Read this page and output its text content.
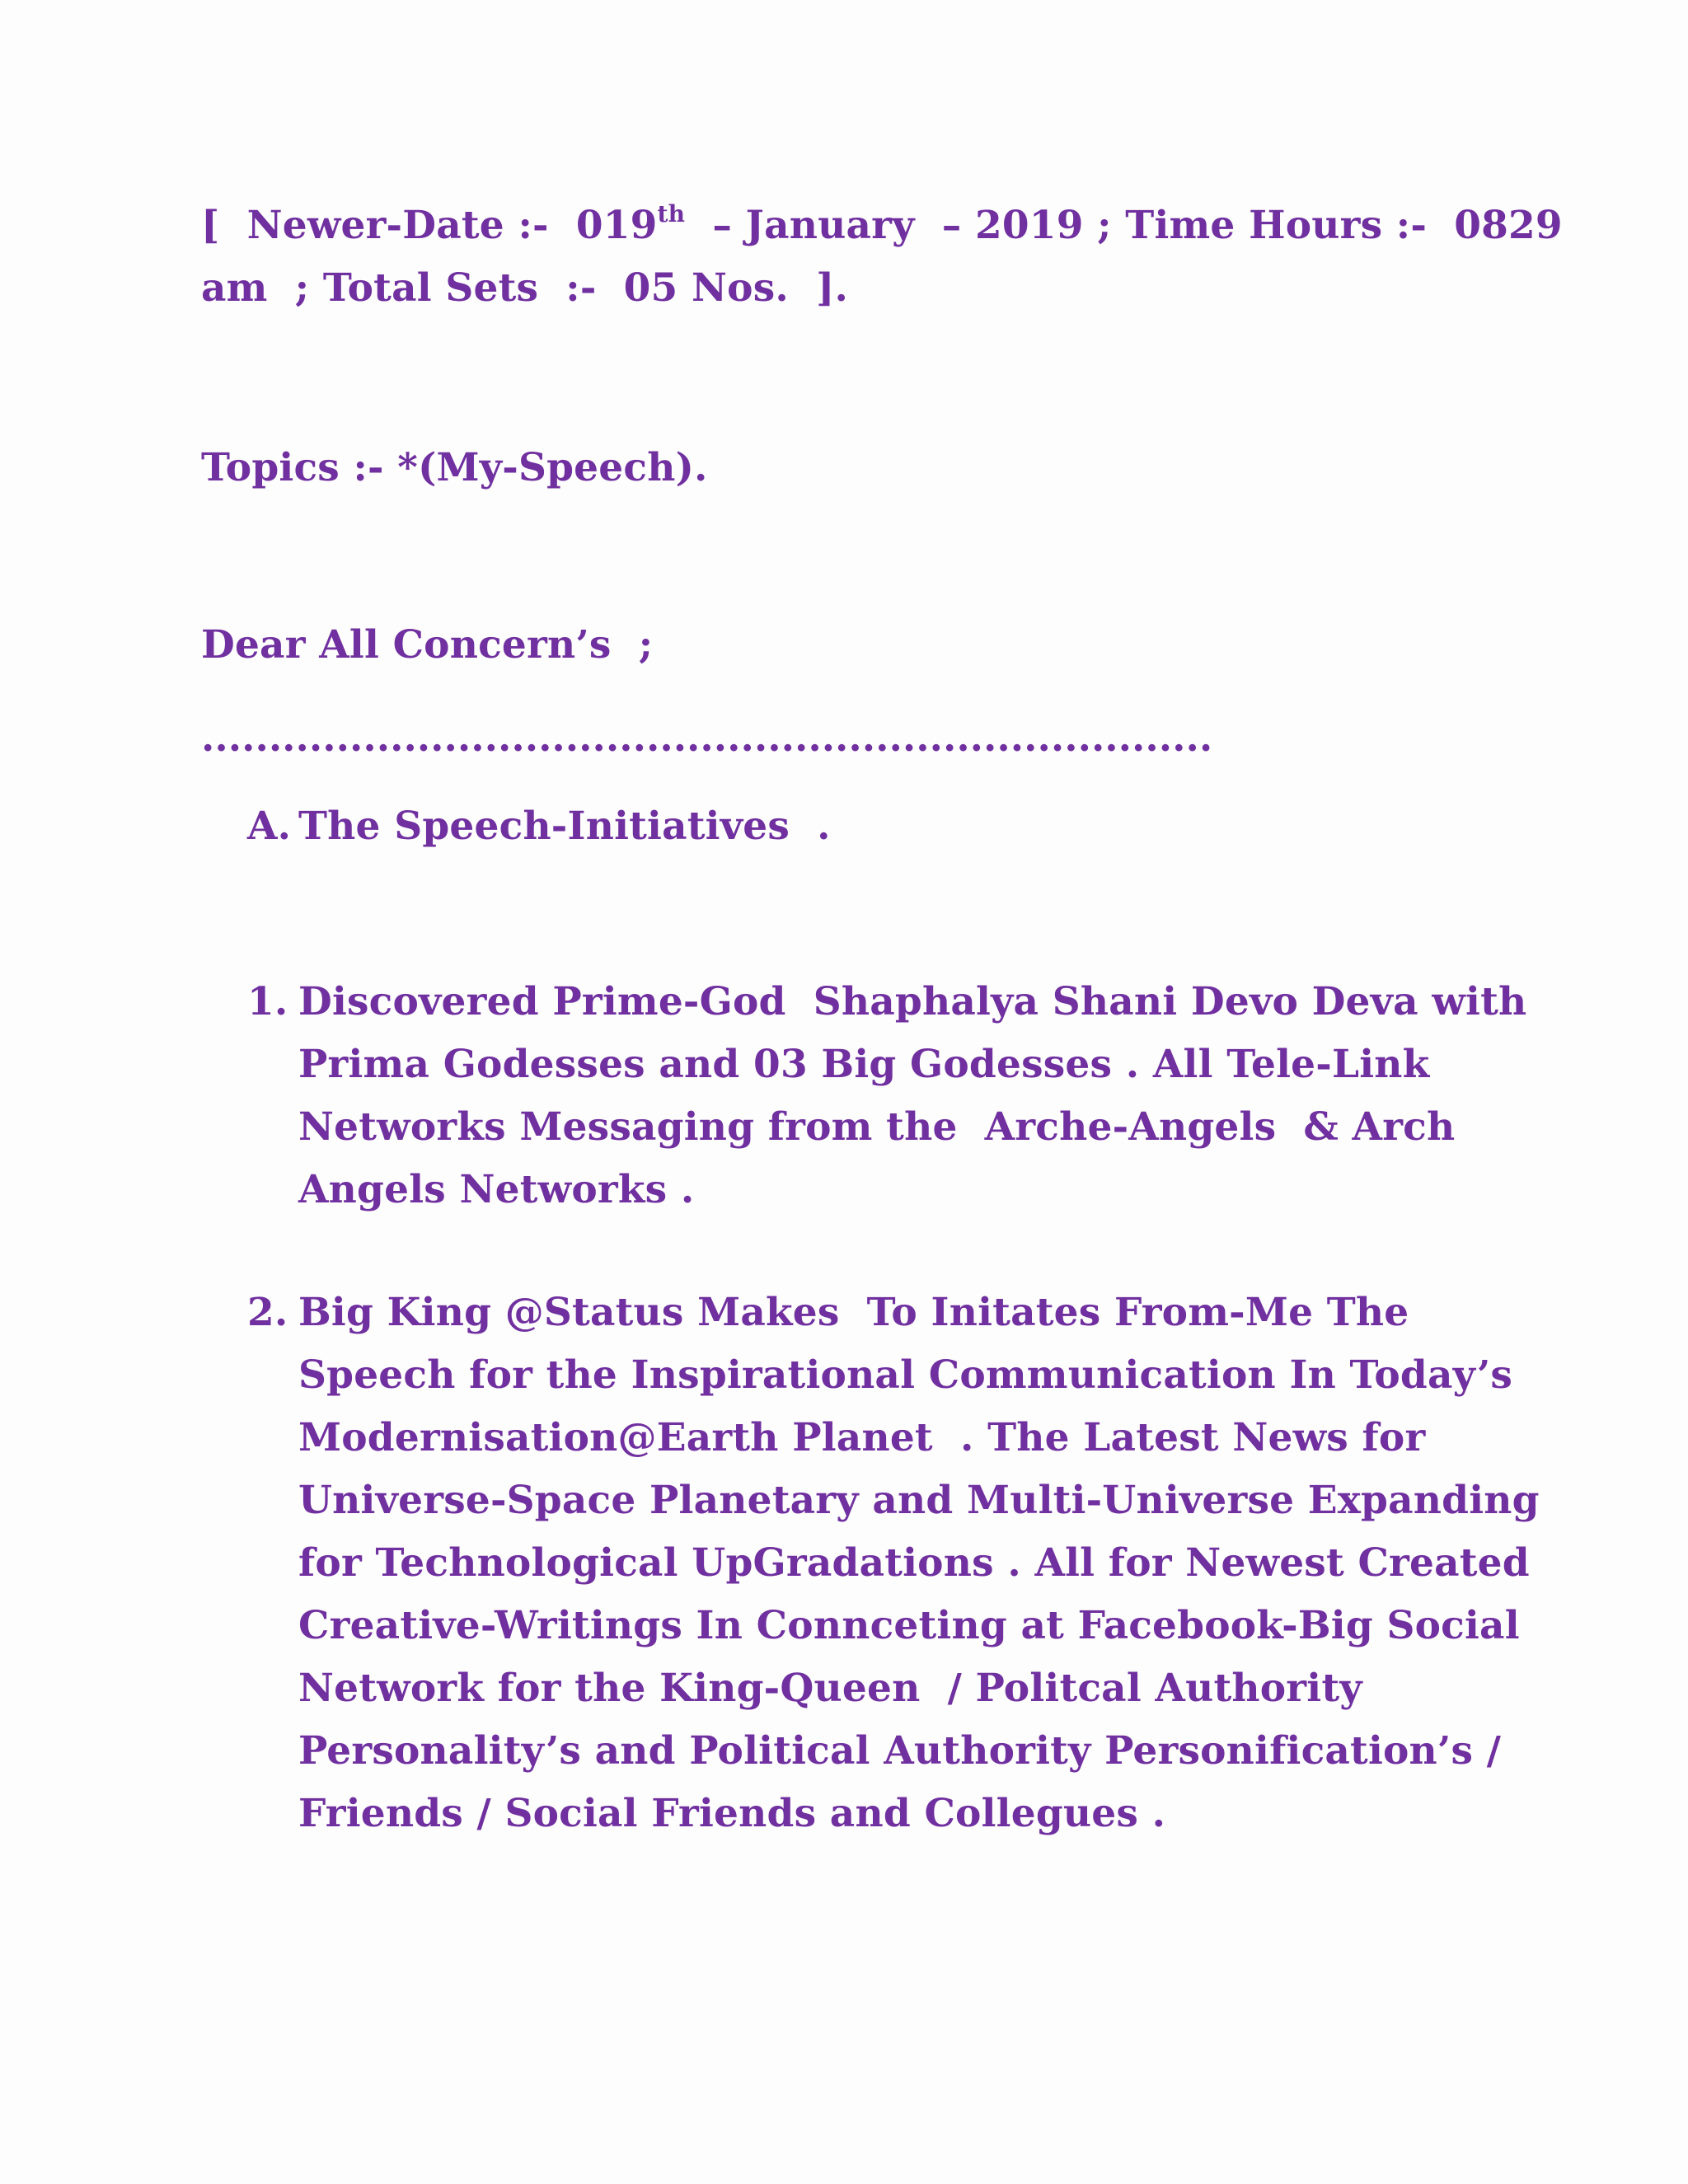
[  Newer-Date :-  019th  – January  – 2019 ; Time Hours :-  0829
am  ; Total Sets  :-  05 Nos.  ].
Topics :- *(My-Speech).
Dear All Concern’s  ;
...........................................................................
A. The Speech-Initiatives  .
1. Discovered Prime-God  Shaphalya Shani Devo Deva with
Prima Godesses and 03 Big Godesses . All Tele-Link
Networks Messaging from the  Arche-Angels  & Arch
Angels Networks .
2. Big King @Status Makes  To Initates From-Me The
Speech for the Inspirational Communication In Today’s
Modernisation@Earth Planet  . The Latest News for
Universe-Space Planetary and Multi-Universe Expanding
for Technological UpGradations . All for Newest Created
Creative-Writings In Connceting at Facebook-Big Social
Network for the King-Queen  / Politcal Authority
Personality’s and Political Authority Personification’s /
Friends / Social Friends and Collegues .
